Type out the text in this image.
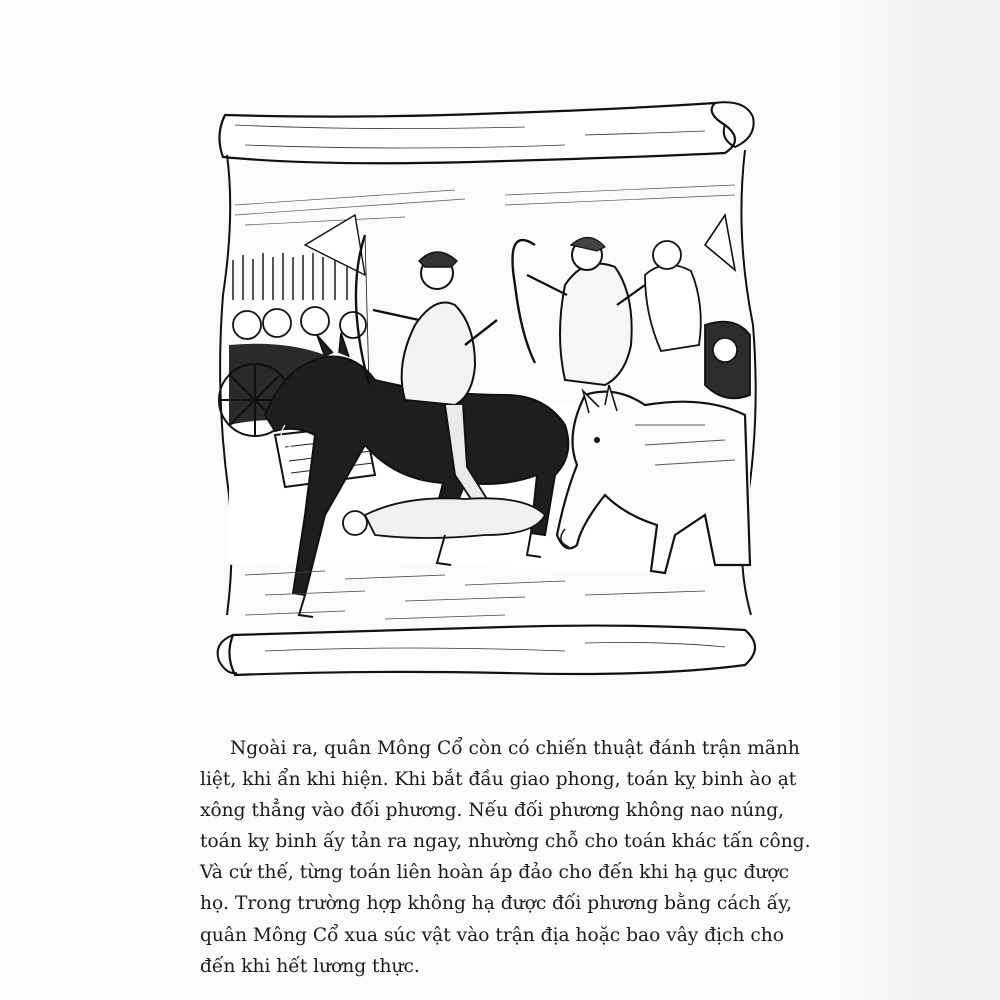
Ngoài ra, quân Mông Cổ còn có chiến thuật đánh trận mãnh
liệt, khi ẩn khi hiện. Khi bắt đầu giao phong, toán kỵ binh ào ạt
xông thẳng vào đối phương. Nếu đối phương không nao núng,
toán kỵ binh ấy tản ra ngay, nhường chỗ cho toán khác tấn công.
Và cứ thế, từng toán liên hoàn áp đảo cho đến khi hạ gục được
họ. Trong trường hợp không hạ được đối phương bằng cách ấy,
quân Mông Cổ xua súc vật vào trận địa hoặc bao vây địch cho
đến khi hết lương thực.
